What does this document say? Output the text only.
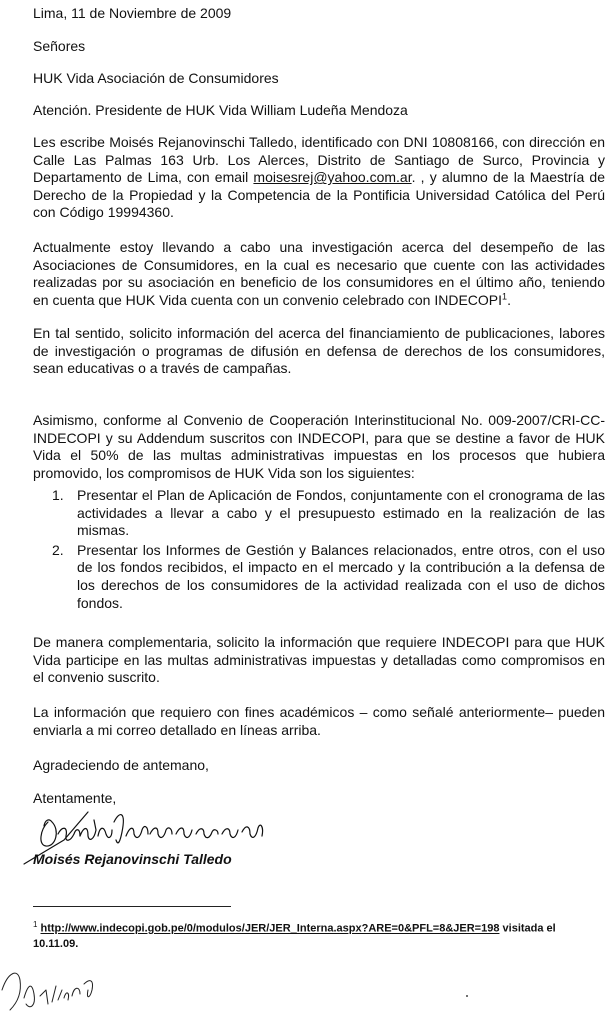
Lima, 11 de Noviembre de 2009
Señores
HUK Vida Asociación de Consumidores
Atención. Presidente de HUK Vida William Ludeña Mendoza
Les escribe Moisés Rejanovinschi Talledo, identificado con DNI 10808166, con dirección en Calle Las Palmas 163 Urb. Los Alerces, Distrito de Santiago de Surco, Provincia y Departamento de Lima, con email moisesrej@yahoo.com.ar. , y alumno de la Maestría de Derecho de la Propiedad y la Competencia de la Pontificia Universidad Católica del Perú con Código 19994360.
Actualmente estoy llevando a cabo una investigación acerca del desempeño de las Asociaciones de Consumidores, en la cual es necesario que cuente con las actividades realizadas por su asociación en beneficio de los consumidores en el último año, teniendo en cuenta que HUK Vida cuenta con un convenio celebrado con INDECOPI$^1$.
En tal sentido, solicito información del acerca del financiamiento de publicaciones, labores de investigación o programas de difusión en defensa de derechos de los consumidores, sean educativas o a través de campañas.
Asimismo, conforme al Convenio de Cooperación Interinstitucional No. 009-2007/CRI-CC-INDECOPI y su Addendum suscritos con INDECOPI, para que se destine a favor de HUK Vida el 50% de las multas administrativas impuestas en los procesos que hubiera promovido, los compromisos de HUK Vida son los siguientes:
1. Presentar el Plan de Aplicación de Fondos, conjuntamente con el cronograma de las actividades a llevar a cabo y el presupuesto estimado en la realización de las mismas.
2. Presentar los Informes de Gestión y Balances relacionados, entre otros, con el uso de los fondos recibidos, el impacto en el mercado y la contribución a la defensa de los derechos de los consumidores de la actividad realizada con el uso de dichos fondos.
De manera complementaria, solicito la información que requiere INDECOPI para que HUK Vida participe en las multas administrativas impuestas y detalladas como compromisos en el convenio suscrito.
La información que requiero con fines académicos – como señalé anteriormente– pueden enviarla a mi correo detallado en líneas arriba.
Agradeciendo de antemano,
Atentamente,
Moisés Rejanovinschi Talledo
$^1$ http://www.indecopi.gob.pe/0/modulos/JER/JER_Interna.aspx?ARE=0&PFL=8&JER=198 visitada el 10.11.09.
